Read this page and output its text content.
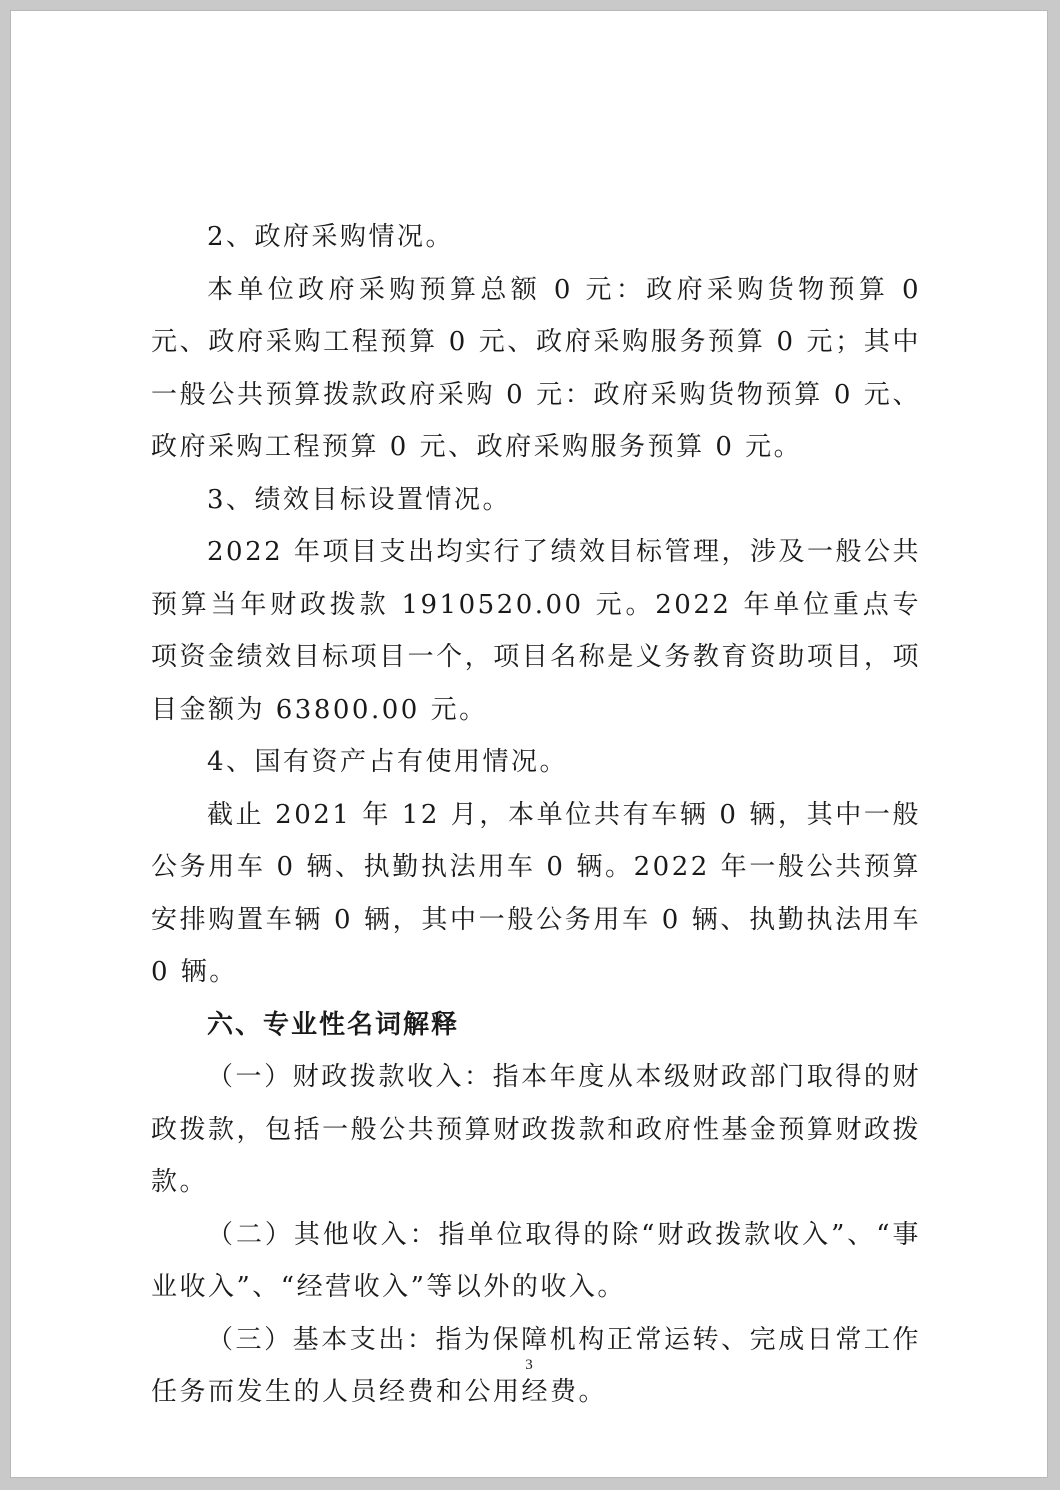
2、政府采购情况。

本单位政府采购预算总额 0 元：政府采购货物预算 0 元、政府采购工程预算 0 元、政府采购服务预算 0 元；其中一般公共预算拨款政府采购 0 元：政府采购货物预算 0 元、政府采购工程预算 0 元、政府采购服务预算 0 元。

3、绩效目标设置情况。

2022 年项目支出均实行了绩效目标管理，涉及一般公共预算当年财政拨款 1910520.00 元。2022 年单位重点专项资金绩效目标项目一个，项目名称是义务教育资助项目，项目金额为 63800.00 元。

4、国有资产占有使用情况。

截止 2021 年 12 月，本单位共有车辆 0 辆，其中一般公务用车 0 辆、执勤执法用车 0 辆。2022 年一般公共预算安排购置车辆 0 辆，其中一般公务用车 0 辆、执勤执法用车 0 辆。

六、专业性名词解释

（一）财政拨款收入：指本年度从本级财政部门取得的财政拨款，包括一般公共预算财政拨款和政府性基金预算财政拨款。

（二）其他收入：指单位取得的除“财政拨款收入”、“事业收入”、“经营收入”等以外的收入。

（三）基本支出：指为保障机构正常运转、完成日常工作任务而发生的人员经费和公用经费。

3
